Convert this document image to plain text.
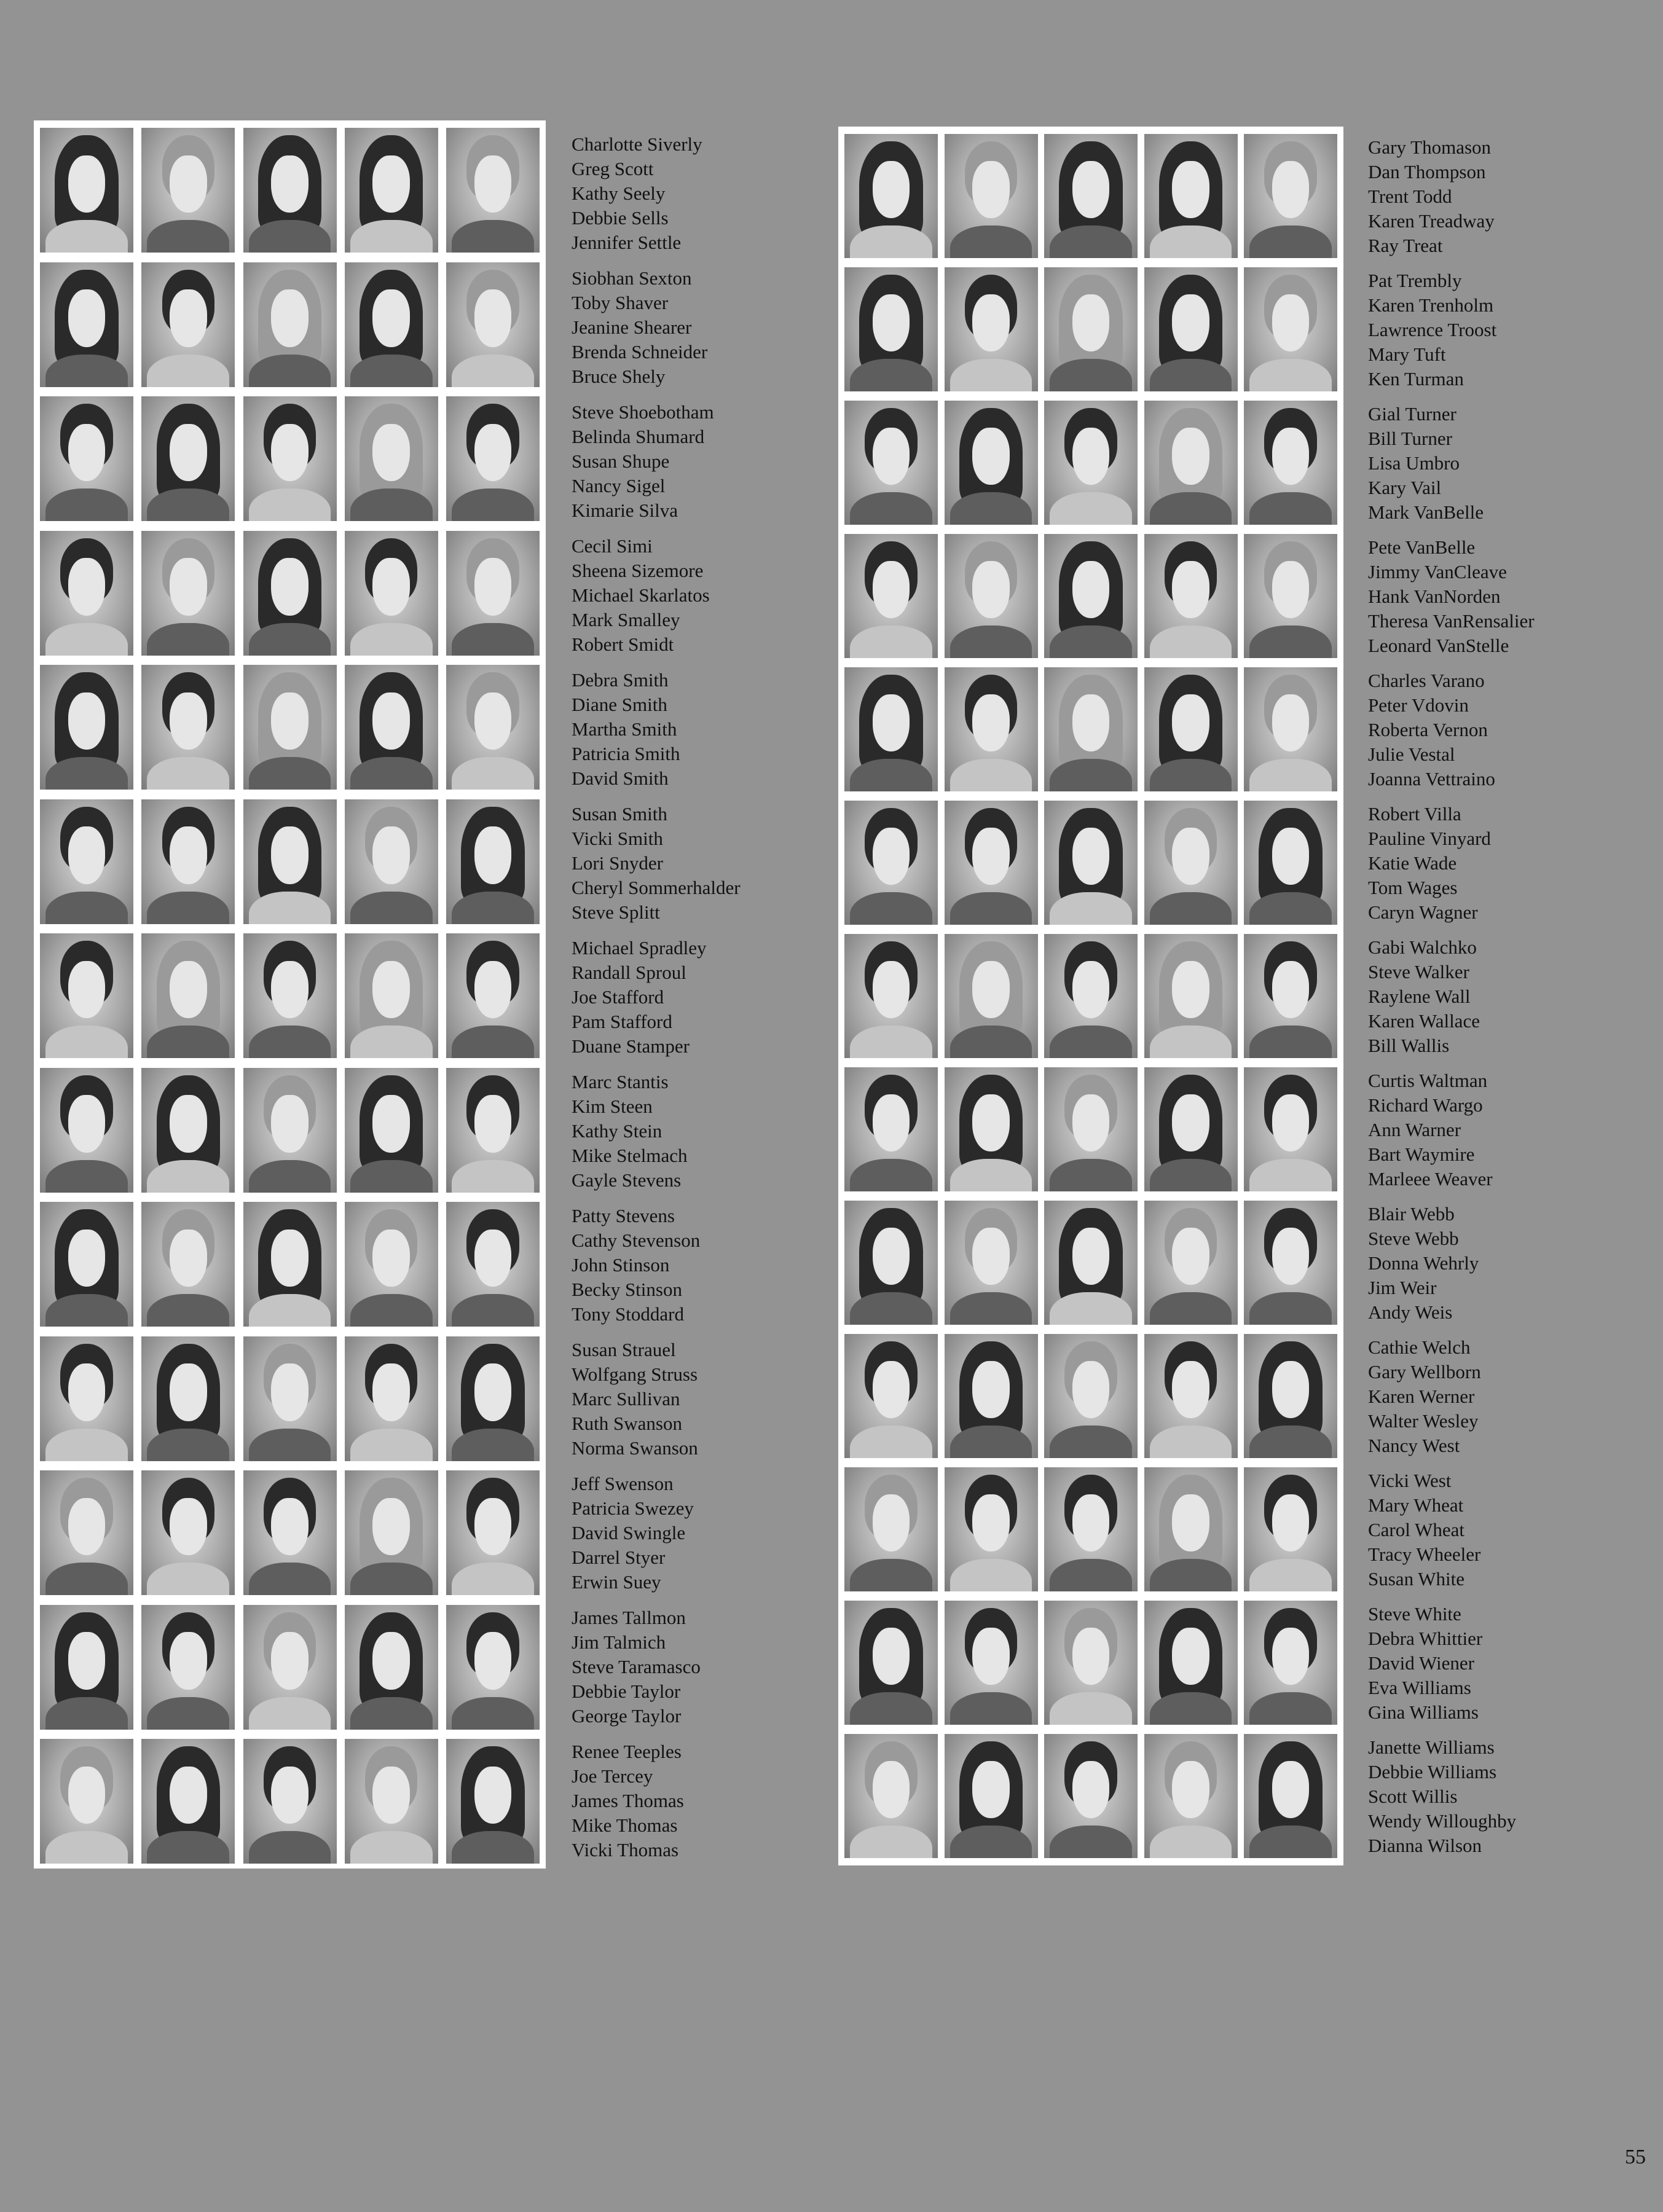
Charlotte Siverly
Greg Scott
Kathy Seely
Debbie Sells
Jennifer Settle
Siobhan Sexton
Toby Shaver
Jeanine Shearer
Brenda Schneider
Bruce Shely
Steve Shoebotham
Belinda Shumard
Susan Shupe
Nancy Sigel
Kimarie Silva
Cecil Simi
Sheena Sizemore
Michael Skarlatos
Mark Smalley
Robert Smidt
Debra Smith
Diane Smith
Martha Smith
Patricia Smith
David Smith
Susan Smith
Vicki Smith
Lori Snyder
Cheryl Sommerhalder
Steve Splitt
Michael Spradley
Randall Sproul
Joe Stafford
Pam Stafford
Duane Stamper
Marc Stantis
Kim Steen
Kathy Stein
Mike Stelmach
Gayle Stevens
Patty Stevens
Cathy Stevenson
John Stinson
Becky Stinson
Tony Stoddard
Susan Strauel
Wolfgang Struss
Marc Sullivan
Ruth Swanson
Norma Swanson
Jeff Swenson
Patricia Swezey
David Swingle
Darrel Styer
Erwin Suey
James Tallmon
Jim Talmich
Steve Taramasco
Debbie Taylor
George Taylor
Renee Teeples
Joe Tercey
James Thomas
Mike Thomas
Vicki Thomas
Gary Thomason
Dan Thompson
Trent Todd
Karen Treadway
Ray Treat
Pat Trembly
Karen Trenholm
Lawrence Troost
Mary Tuft
Ken Turman
Gial Turner
Bill Turner
Lisa Umbro
Kary Vail
Mark VanBelle
Pete VanBelle
Jimmy VanCleave
Hank VanNorden
Theresa VanRensalier
Leonard VanStelle
Charles Varano
Peter Vdovin
Roberta Vernon
Julie Vestal
Joanna Vettraino
Robert Villa
Pauline Vinyard
Katie Wade
Tom Wages
Caryn Wagner
Gabi Walchko
Steve Walker
Raylene Wall
Karen Wallace
Bill Wallis
Curtis Waltman
Richard Wargo
Ann Warner
Bart Waymire
Marleee Weaver
Blair Webb
Steve Webb
Donna Wehrly
Jim Weir
Andy Weis
Cathie Welch
Gary Wellborn
Karen Werner
Walter Wesley
Nancy West
Vicki West
Mary Wheat
Carol Wheat
Tracy Wheeler
Susan White
Steve White
Debra Whittier
David Wiener
Eva Williams
Gina Williams
Janette Williams
Debbie Williams
Scott Willis
Wendy Willoughby
Dianna Wilson
55
